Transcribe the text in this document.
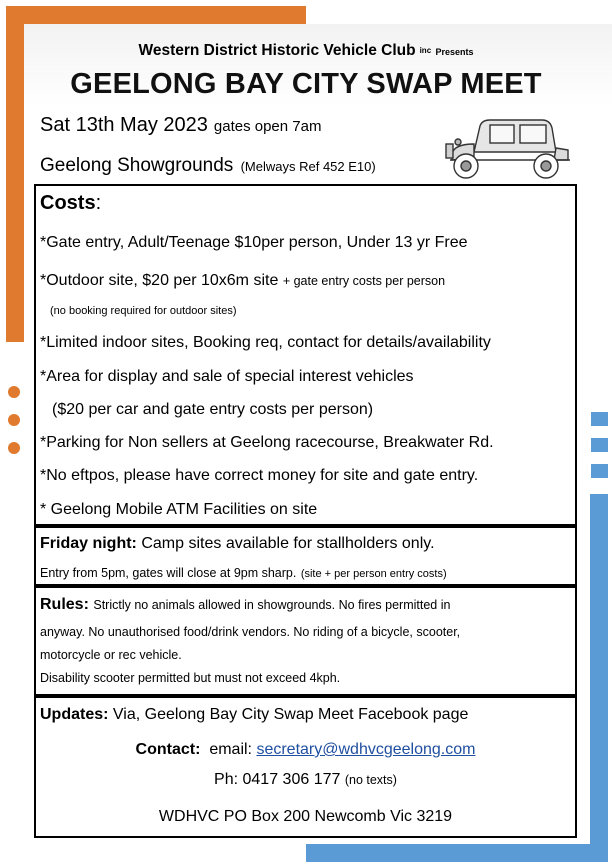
Western District Historic Vehicle Club inc Presents
GEELONG BAY CITY SWAP MEET
Sat 13th May 2023 gates open 7am
Geelong Showgrounds (Melways Ref 452 E10)
Costs:
*Gate entry, Adult/Teenage $10per person, Under 13 yr Free
*Outdoor site, $20 per 10x6m site + gate entry costs per person
(no booking required for outdoor sites)
*Limited indoor sites, Booking req, contact for details/availability
*Area for display and sale of special interest vehicles
($20 per car and gate entry costs per person)
*Parking for Non sellers at Geelong racecourse, Breakwater Rd.
*No eftpos, please have correct money for site and gate entry.
* Geelong Mobile ATM Facilities on site
Friday night: Camp sites available for stallholders only.
Entry from 5pm, gates will close at 9pm sharp. (site + per person entry costs)
Rules: Strictly no animals allowed in showgrounds. No fires permitted in
anyway. No unauthorised food/drink vendors. No riding of a bicycle, scooter,
motorcycle or rec vehicle.
Disability scooter permitted but must not exceed 4kph.
Updates: Via, Geelong Bay City Swap Meet Facebook page
Contact: email: secretary@wdhvcgeelong.com
Ph: 0417 306 177 (no texts)
WDHVC PO Box 200 Newcomb Vic 3219
